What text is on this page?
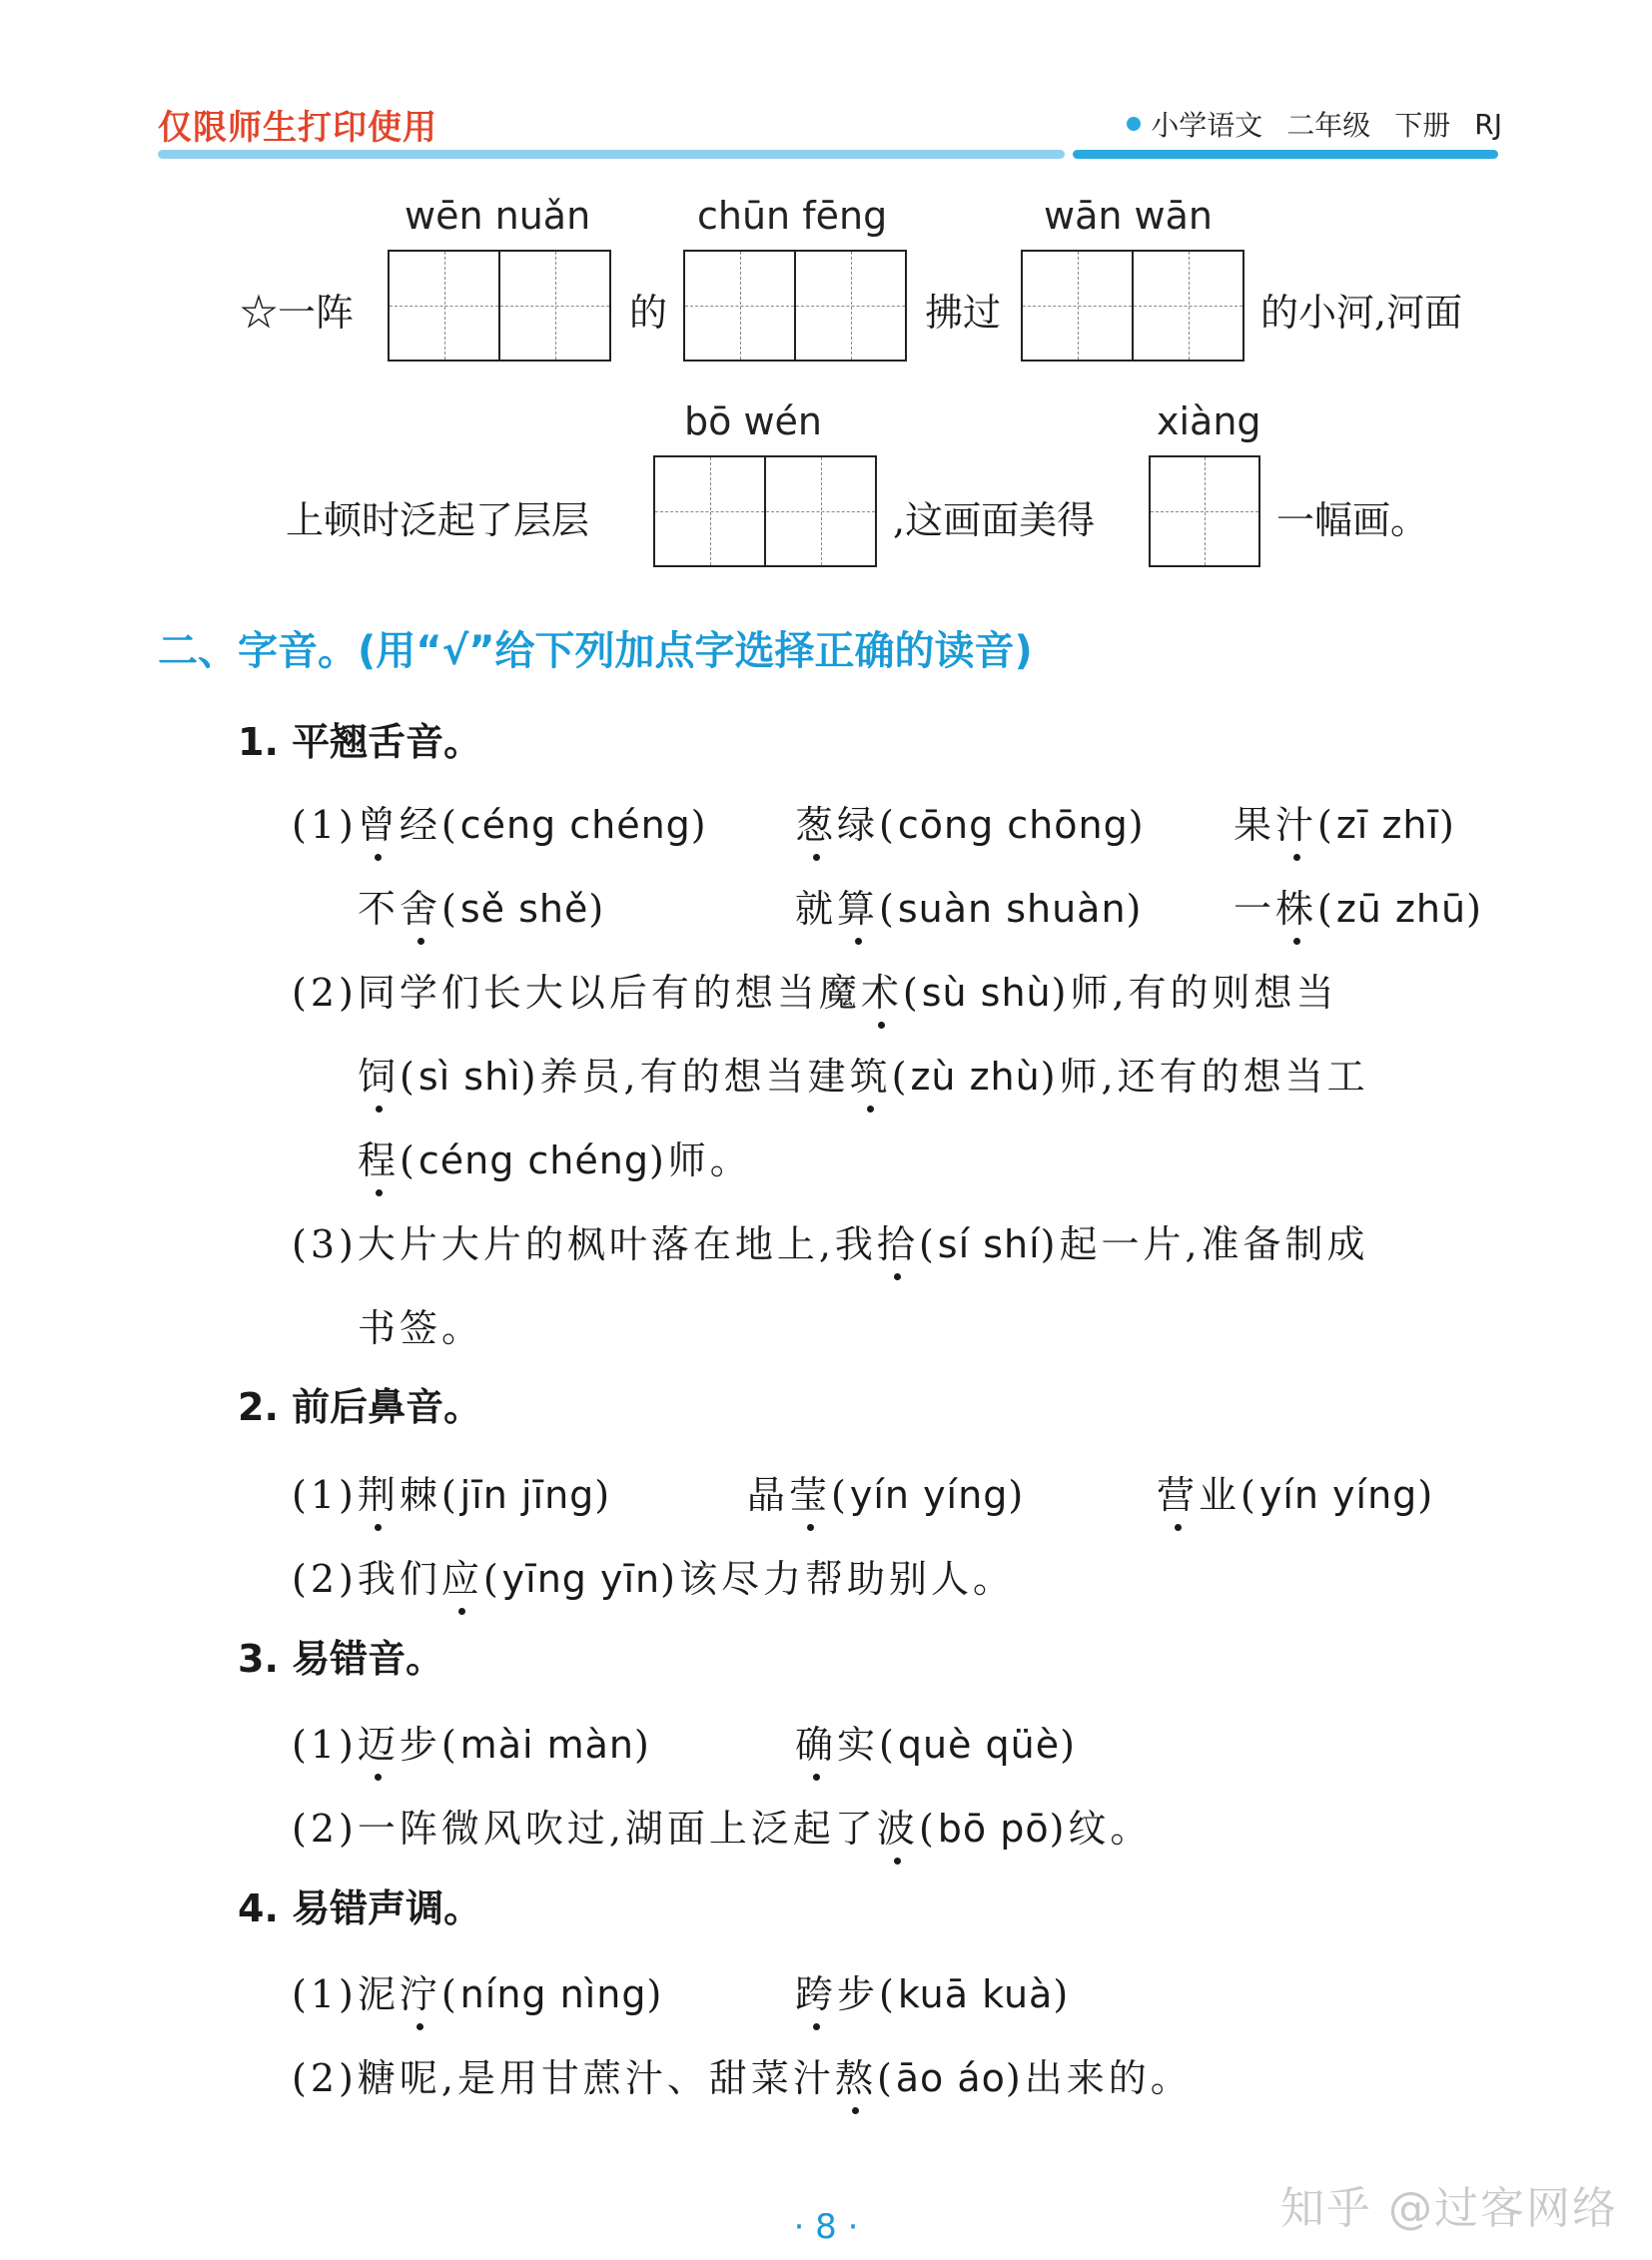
仅限师生打印使用	小学语文 二年级 下册 RJ
wēn nuǎn	chūn fēng	wān wān
☆一阵	的	拂过	的小河,河面
bō wén	xiàng
上顿时泛起了层层	,这画面美得	一幅画。
二、字音。(用“√”给下列加点字选择正确的读音)
1. 平翘舌音。
(1)曾经(céng chéng) 葱绿(cōng chōng) 果汁(zī zhī)
不舍(sě shě)	就算(suàn shuàn) 一株(zū zhū)
(2)同学们长大以后有的想当魔术(sù shù)师,有的则想当
饲(sì shì)养员,有的想当建筑(zù zhù)师,还有的想当工
程(céng chéng)师。
(3)大片大片的枫叶落在地上,我拾(sí shí)起一片,准备制成
书签。
2. 前后鼻音。
(1)荆棘(jīn jīng)	晶莹(yín yíng)	营业(yín yíng)
(2)我们应(yīng yīn)该尽力帮助别人。
3. 易错音。
(1)迈步(mài màn)	确实(què qüè)
(2)一阵微风吹过,湖面上泛起了波(bō pō)纹。
4. 易错声调。
(1)泥泞(níng nìng)	跨步(kuā kuà)
(2)糖呢,是用甘蔗汁、甜菜汁熬(āo áo)出来的。
· 8 ·	知乎 @过客网络
